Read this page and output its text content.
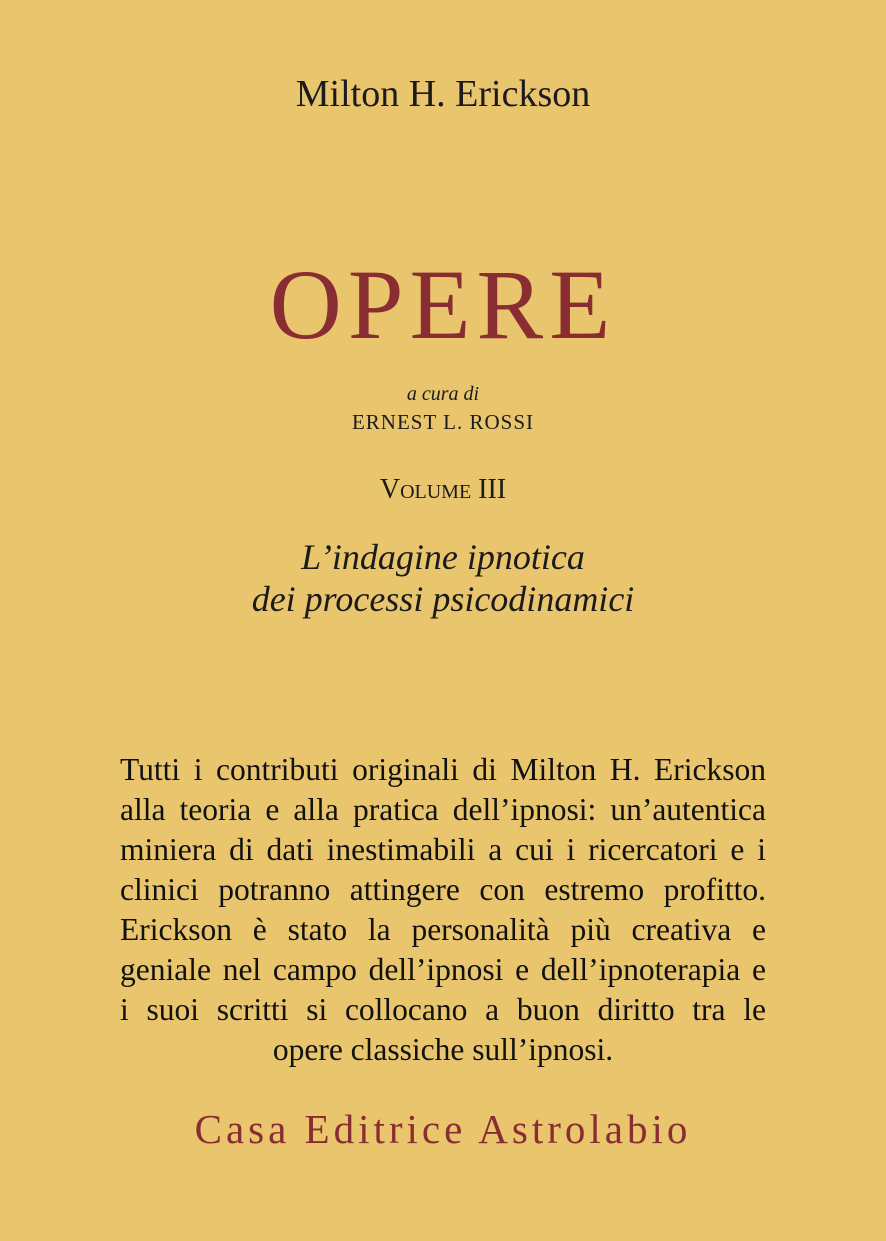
Milton H. Erickson
OPERE
a cura di
ERNEST L. ROSSI
Volume III
L’indagine ipnotica
dei processi psicodinamici
Tutti i contributi originali di Milton H. Erickson
alla teoria e alla pratica dell’ipnosi: un’autentica
miniera di dati inestimabili a cui i ricercatori e i
clinici potranno attingere con estremo profitto.
Erickson è stato la personalità più creativa e
geniale nel campo dell’ipnosi e dell’ipnoterapia e
i suoi scritti si collocano a buon diritto tra le
opere classiche sull’ipnosi.
Casa Editrice Astrolabio
